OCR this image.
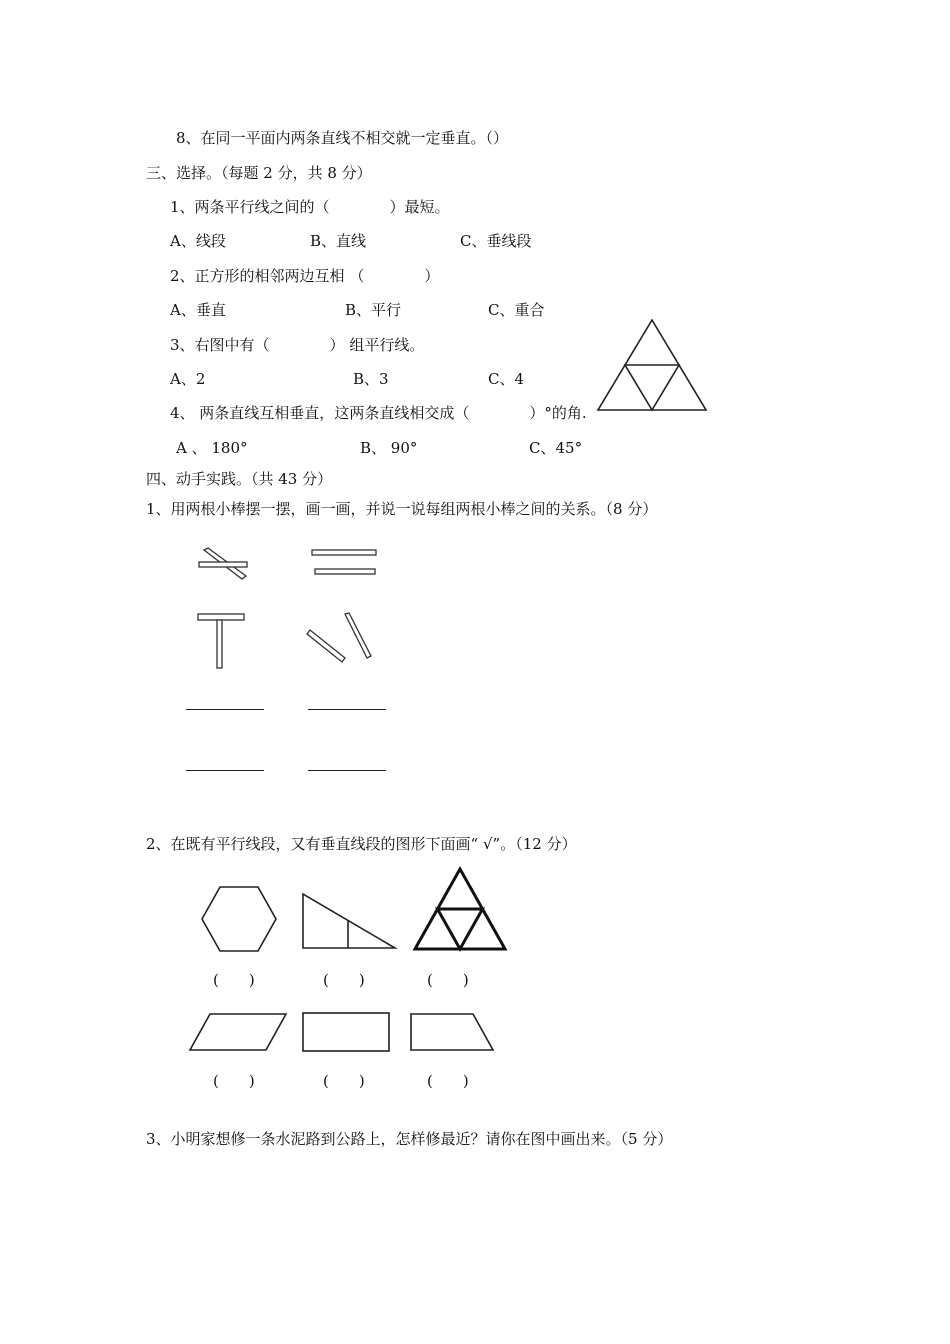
8、在同一平面内两条直线不相交就一定垂直。（）
三、选择。（每题 2 分，共 8 分）
1、两条平行线之间的（　　　　）最短。
A、线段	B、直线	C、垂线段
2、正方形的相邻两边互相 （　　　　）
A、垂直	B、平行	C、重合
3、右图中有（　　　　） 组平行线。
A、2	B、3	C、4
4、 两条直线互相垂直，这两条直线相交成（　　　　）°的角.
A 、 180°	B、 90°	C、45°
四、动手实践。（共 43 分）
1、用两根小棒摆一摆，画一画，并说一说每组两根小棒之间的关系。（8 分）
2、在既有平行线段，又有垂直线段的图形下面画“ √”。（12 分）
(　　)	(　　)	(　　)
(　　)	(　　)	(　　)
3、小明家想修一条水泥路到公路上，怎样修最近？请你在图中画出来。（5 分）
